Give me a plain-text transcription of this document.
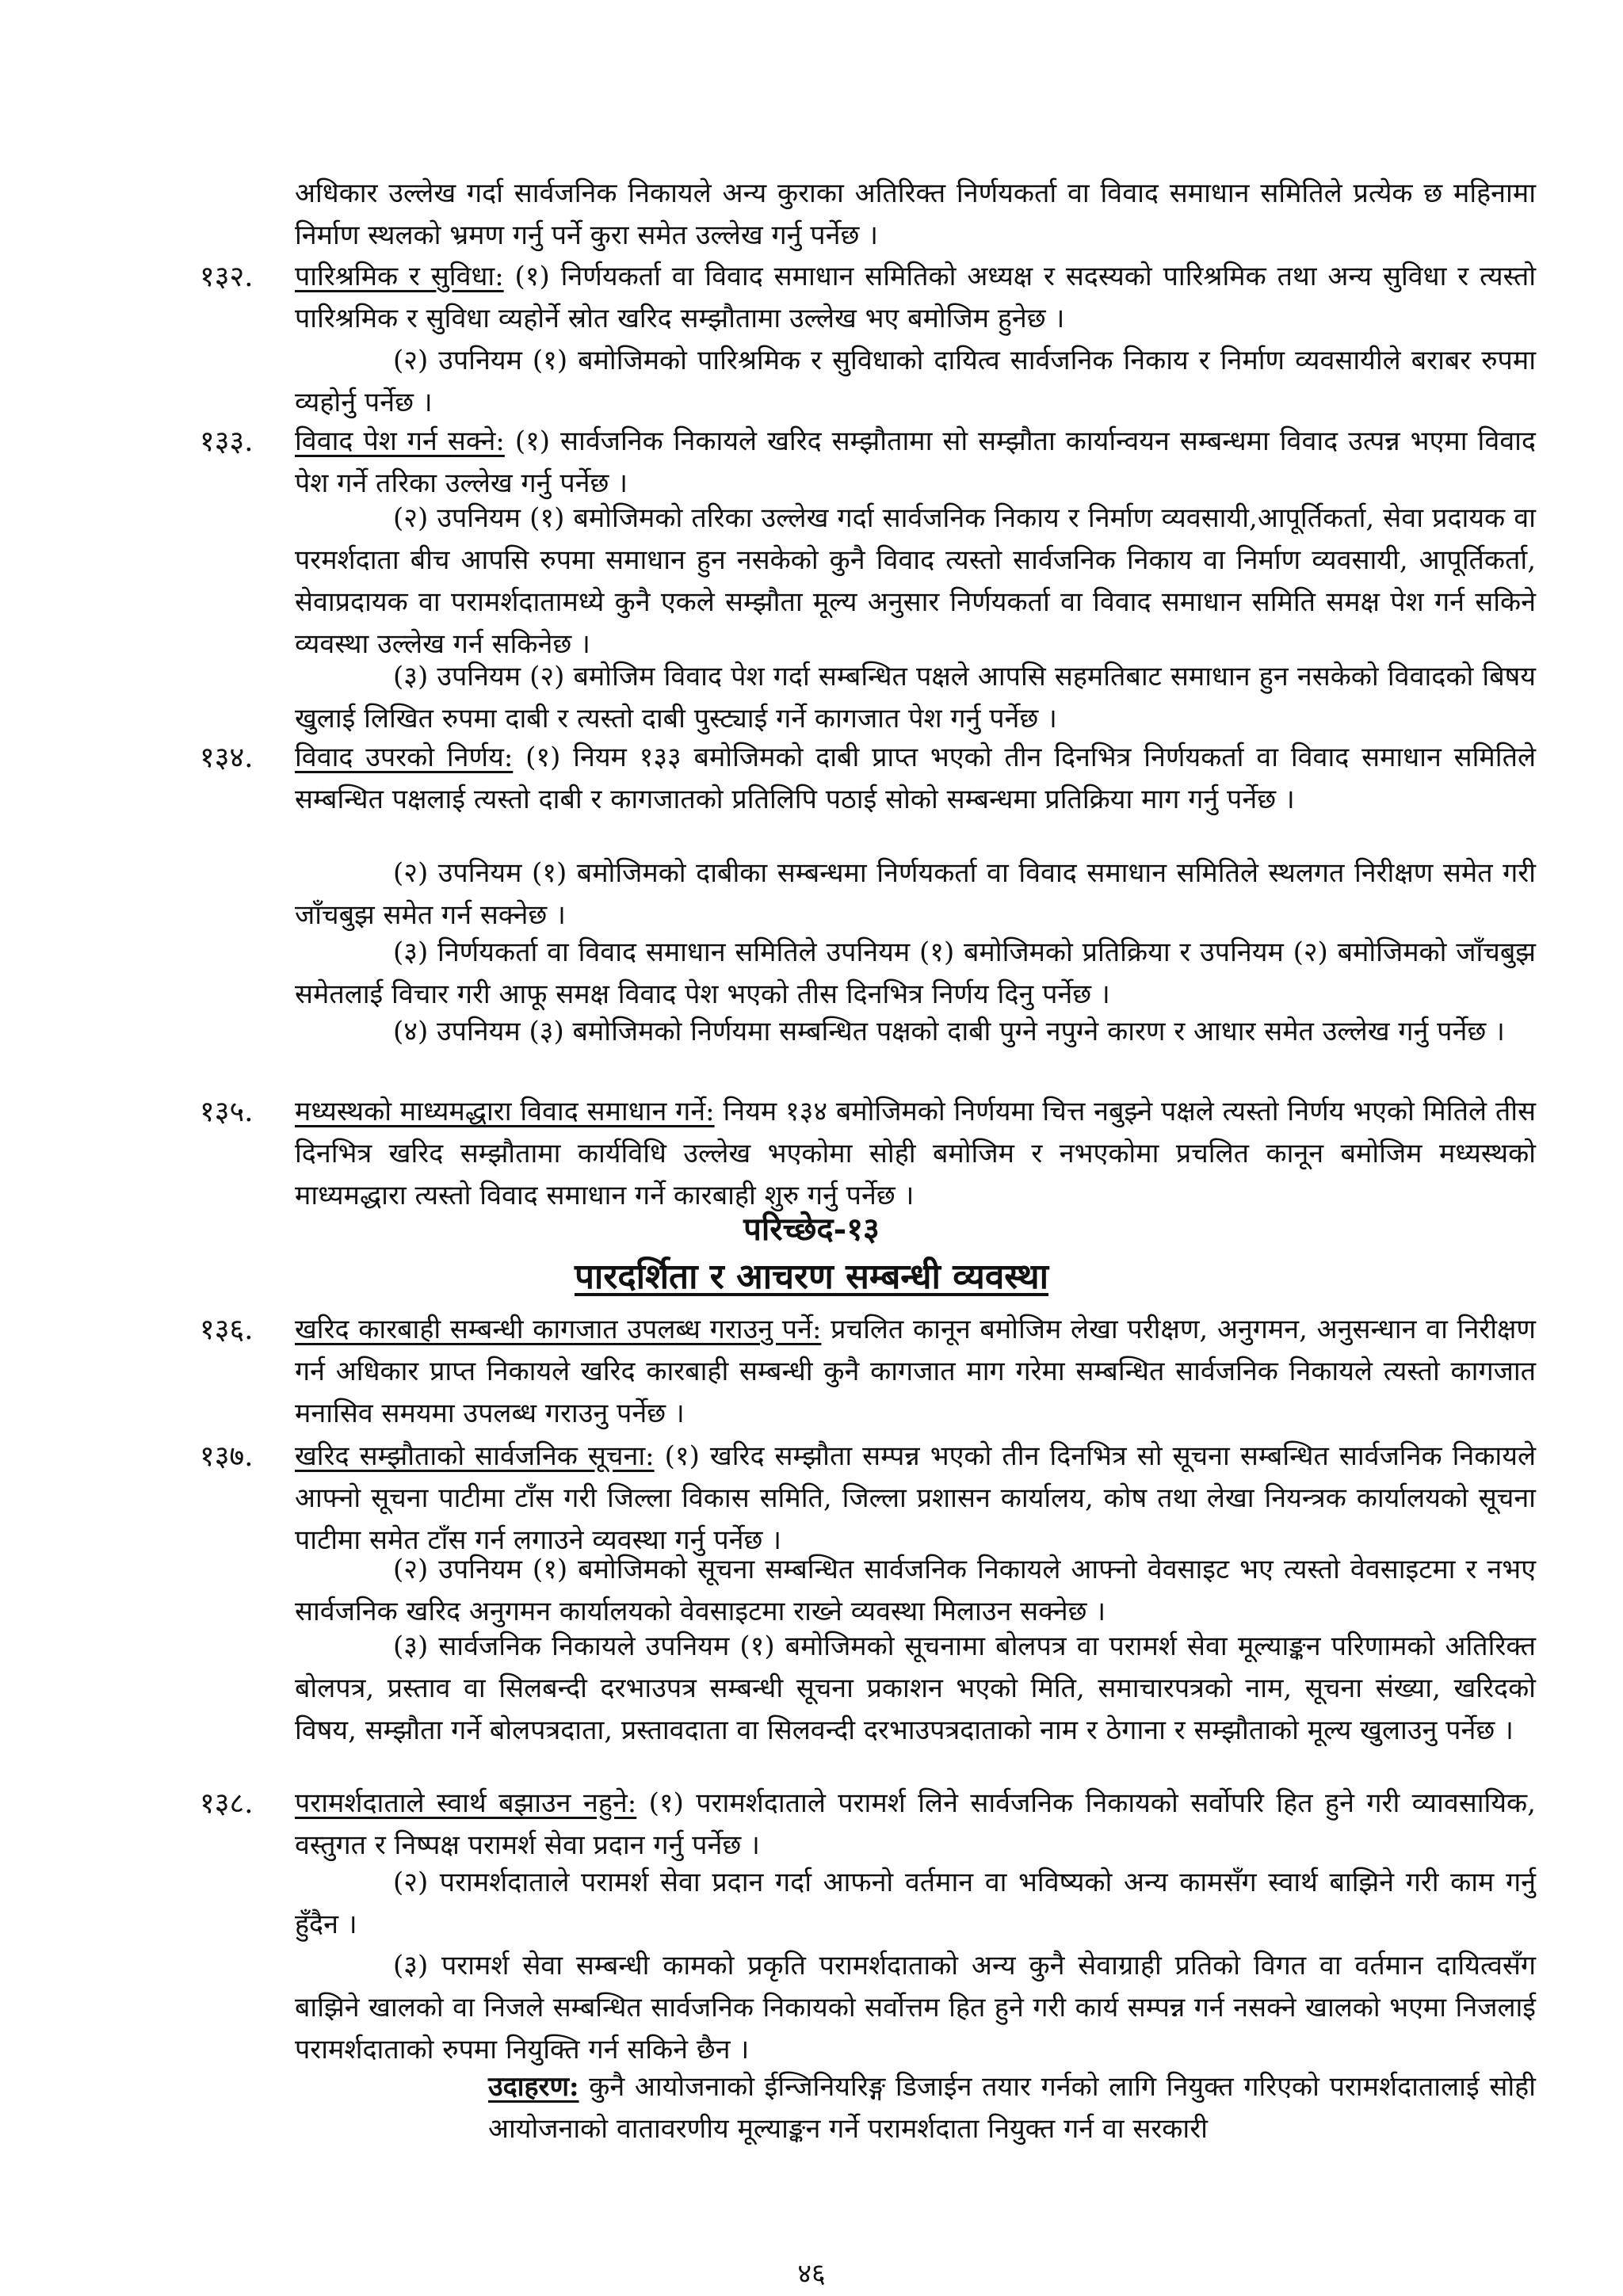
अधिकार उल्लेख गर्दा सार्वजनिक निकायले अन्य कुराका अतिरिक्त निर्णयकर्ता वा विवाद समाधान समितिले प्रत्येक छ महिनामा निर्माण स्थलको भ्रमण गर्नु पर्ने कुरा समेत उल्लेख गर्नु पर्नेछ ।
१३२. पारिश्रमिक र सुविधा: (१) निर्णयकर्ता वा विवाद समाधान समितिको अध्यक्ष र सदस्यको पारिश्रमिक तथा अन्य सुविधा र त्यस्तो पारिश्रमिक र सुविधा व्यहोर्ने स्रोत खरिद सम्झौतामा उल्लेख भए बमोजिम हुनेछ ।
(२) उपनियम (१) बमोजिमको पारिश्रमिक र सुविधाको दायित्व सार्वजनिक निकाय र निर्माण व्यवसायीले बराबर रुपमा व्यहोर्नु पर्नेछ ।
१३३. विवाद पेश गर्न सक्ने: (१) सार्वजनिक निकायले खरिद सम्झौतामा सो सम्झौता कार्यान्वयन सम्बन्धमा विवाद उत्पन्न भएमा विवाद पेश गर्ने तरिका उल्लेख गर्नु पर्नेछ ।
(२) उपनियम (१) बमोजिमको तरिका उल्लेख गर्दा सार्वजनिक निकाय र निर्माण व्यवसायी,आपूर्तिकर्ता, सेवा प्रदायक वा परमर्शदाता बीच आपसि रुपमा समाधान हुन नसकेको कुनै विवाद त्यस्तो सार्वजनिक निकाय वा निर्माण व्यवसायी, आपूर्तिकर्ता, सेवाप्रदायक वा परामर्शदातामध्ये कुनै एकले सम्झौता मूल्य अनुसार निर्णयकर्ता वा विवाद समाधान समिति समक्ष पेश गर्न सकिने व्यवस्था उल्लेख गर्न सकिनेछ ।
(३) उपनियम (२) बमोजिम विवाद पेश गर्दा सम्बन्धित पक्षले आपसि सहमतिबाट समाधान हुन नसकेको विवादको बिषय खुलाई लिखित रुपमा दाबी र त्यस्तो दाबी पुस्ट्याई गर्ने कागजात पेश गर्नु पर्नेछ ।
१३४. विवाद उपरको निर्णय: (१) नियम १३३ बमोजिमको दाबी प्राप्त भएको तीन दिनभित्र निर्णयकर्ता वा विवाद समाधान समितिले सम्बन्धित पक्षलाई त्यस्तो दाबी र कागजातको प्रतिलिपि पठाई सोको सम्बन्धमा प्रतिक्रिया माग गर्नु पर्नेछ ।
(२) उपनियम (१) बमोजिमको दाबीका सम्बन्धमा निर्णयकर्ता वा विवाद समाधान समितिले स्थलगत निरीक्षण समेत गरी जाँचबुझ समेत गर्न सक्नेछ ।
(३) निर्णयकर्ता वा विवाद समाधान समितिले उपनियम (१) बमोजिमको प्रतिक्रिया र उपनियम (२) बमोजिमको जाँचबुझ समेतलाई विचार गरी आफू समक्ष विवाद पेश भएको तीस दिनभित्र निर्णय दिनु पर्नेछ ।
(४) उपनियम (३) बमोजिमको निर्णयमा सम्बन्धित पक्षको दाबी पुग्ने नपुग्ने कारण र आधार समेत उल्लेख गर्नु पर्नेछ ।
१३५. मध्यस्थको माध्यमद्धारा विवाद समाधान गर्ने: नियम १३४ बमोजिमको निर्णयमा चित्त नबुझ्ने पक्षले त्यस्तो निर्णय भएको मितिले तीस दिनभित्र खरिद सम्झौतामा कार्यविधि उल्लेख भएकोमा सोही बमोजिम र नभएकोमा प्रचलित कानून बमोजिम मध्यस्थको माध्यमद्धारा त्यस्तो विवाद समाधान गर्ने कारबाही शुरु गर्नु पर्नेछ ।
परिच्छेद-१३
पारदर्शिता र आचरण सम्बन्धी व्यवस्था
१३६. खरिद कारबाही सम्बन्धी कागजात उपलब्ध गराउनु पर्ने: प्रचलित कानून बमोजिम लेखा परीक्षण, अनुगमन, अनुसन्धान वा निरीक्षण गर्न अधिकार प्राप्त निकायले खरिद कारबाही सम्बन्धी कुनै कागजात माग गरेमा सम्बन्धित सार्वजनिक निकायले त्यस्तो कागजात मनासिव समयमा उपलब्ध गराउनु पर्नेछ ।
१३७. खरिद सम्झौताको सार्वजनिक सूचना: (१) खरिद सम्झौता सम्पन्न भएको तीन दिनभित्र सो सूचना सम्बन्धित सार्वजनिक निकायले आफ्नो सूचना पाटीमा टाँस गरी जिल्ला विकास समिति, जिल्ला प्रशासन कार्यालय, कोष तथा लेखा नियन्त्रक कार्यालयको सूचना पाटीमा समेत टाँस गर्न लगाउने व्यवस्था गर्नु पर्नेछ ।
(२) उपनियम (१) बमोजिमको सूचना सम्बन्धित सार्वजनिक निकायले आफ्नो वेवसाइट भए त्यस्तो वेवसाइटमा र नभए सार्वजनिक खरिद अनुगमन कार्यालयको वेवसाइटमा राख्ने व्यवस्था मिलाउन सक्नेछ ।
(३) सार्वजनिक निकायले उपनियम (१) बमोजिमको सूचनामा बोलपत्र वा परामर्श सेवा मूल्याङ्कन परिणामको अतिरिक्त बोलपत्र, प्रस्ताव वा सिलबन्दी दरभाउपत्र सम्बन्धी सूचना प्रकाशन भएको मिति, समाचारपत्रको नाम, सूचना संख्या, खरिदको विषय, सम्झौता गर्ने बोलपत्रदाता, प्रस्तावदाता वा सिलवन्दी दरभाउपत्रदाताको नाम र ठेगाना र सम्झौताको मूल्य खुलाउनु पर्नेछ ।
१३८. परामर्शदाताले स्वार्थ बझाउन नहुने: (१) परामर्शदाताले परामर्श लिने सार्वजनिक निकायको सर्वोपरि हित हुने गरी व्यावसायिक, वस्तुगत र निष्पक्ष परामर्श सेवा प्रदान गर्नु पर्नेछ ।
(२) परामर्शदाताले परामर्श सेवा प्रदान गर्दा आफनो वर्तमान वा भविष्यको अन्य कामसँग स्वार्थ बाझिने गरी काम गर्नु हुँदैन ।
(३) परामर्श सेवा सम्बन्धी कामको प्रकृति परामर्शदाताको अन्य कुनै सेवाग्राही प्रतिको विगत वा वर्तमान दायित्वसँग बाझिने खालको वा निजले सम्बन्धित सार्वजनिक निकायको सर्वोत्तम हित हुने गरी कार्य सम्पन्न गर्न नसक्ने खालको भएमा निजलाई परामर्शदाताको रुपमा नियुक्ति गर्न सकिने छैन ।
उदाहरण: कुनै आयोजनाको ईन्जिनियरिङ्ग डिजाईन तयार गर्नको लागि नियुक्त गरिएको परामर्शदातालाई सोही आयोजनाको वातावरणीय मूल्याङ्कन गर्ने परामर्शदाता नियुक्त गर्न वा सरकारी
४६
